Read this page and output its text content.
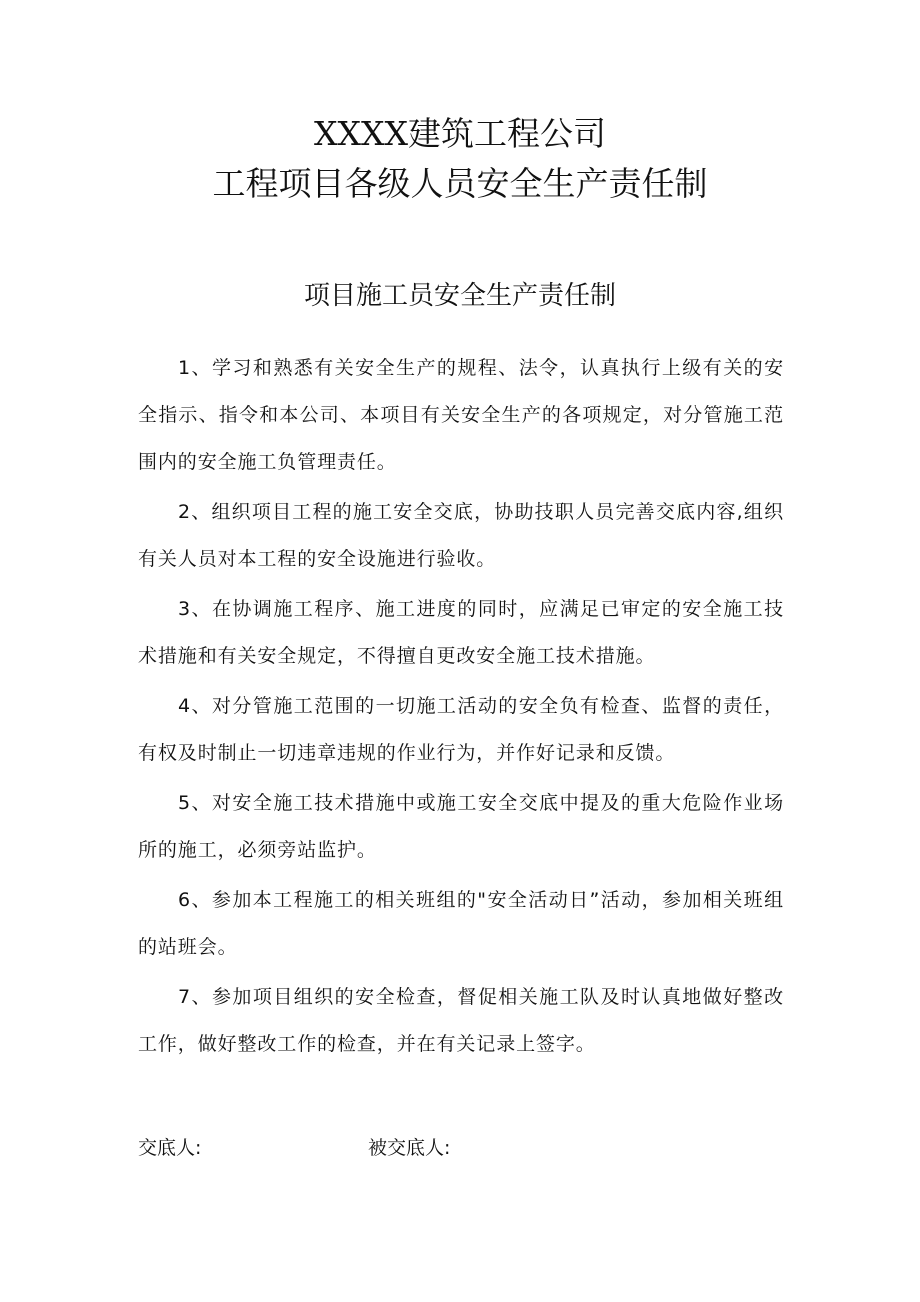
XXXX建筑工程公司
工程项目各级人员安全生产责任制
项目施工员安全生产责任制
1、学习和熟悉有关安全生产的规程、法令，认真执行上级有关的安全指示、指令和本公司、本项目有关安全生产的各项规定，对分管施工范围内的安全施工负管理责任。
2、组织项目工程的施工安全交底，协助技职人员完善交底内容,组织有关人员对本工程的安全设施进行验收。
3、在协调施工程序、施工进度的同时，应满足已审定的安全施工技术措施和有关安全规定，不得擅自更改安全施工技术措施。
4、对分管施工范围的一切施工活动的安全负有检查、监督的责任，有权及时制止一切违章违规的作业行为，并作好记录和反馈。
5、对安全施工技术措施中或施工安全交底中提及的重大危险作业场所的施工，必须旁站监护。
6、参加本工程施工的相关班组的"安全活动日”活动，参加相关班组的站班会。
7、参加项目组织的安全检查，督促相关施工队及时认真地做好整改工作，做好整改工作的检查，并在有关记录上签字。
交底人:	被交底人:
